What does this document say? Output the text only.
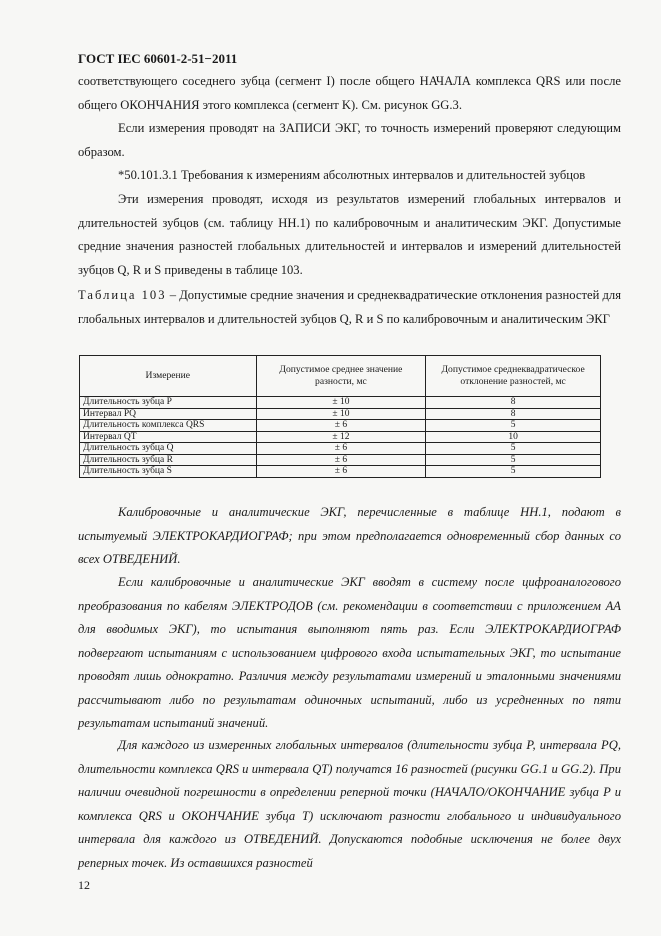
ГОСТ IEC 60601-2-51−2011

соответствующего соседнего зубца (сегмент I) после общего НАЧАЛА комплекса QRS или после общего ОКОНЧАНИЯ этого комплекса (сегмент K). См. рисунок GG.3.

Если измерения проводят на ЗАПИСИ ЭКГ, то точность измерений проверяют следующим образом.

*50.101.3.1 Требования к измерениям абсолютных интервалов и длительностей зубцов

Эти измерения проводят, исходя из результатов измерений глобальных интервалов и длительностей зубцов (см. таблицу НН.1) по калибровочным и аналитическим ЭКГ. Допустимые средние значения разностей глобальных длительностей и интервалов и измерений длительностей зубцов Q, R и S приведены в таблице 103.

Таблица 103 – Допустимые средние значения и среднеквадратические отклонения разностей для глобальных интервалов и длительностей зубцов Q, R и S по калибровочным и аналитическим ЭКГ

Измерение	Допустимое среднее значение разности, мс	Допустимое среднеквадратическое отклонение разностей, мс
Длительность зубца P	± 10	8
Интервал PQ	± 10	8
Длительность комплекса QRS	± 6	5
Интервал QT	± 12	10
Длительность зубца Q	± 6	5
Длительность зубца R	± 6	5
Длительность зубца S	± 6	5

Калибровочные и аналитические ЭКГ, перечисленные в таблице НН.1, подают в испытуемый ЭЛЕКТРОКАРДИОГРАФ; при этом предполагается одновременный сбор данных со всех ОТВЕДЕНИЙ.

Если калибровочные и аналитические ЭКГ вводят в систему после цифроаналогового преобразования по кабелям ЭЛЕКТРОДОВ (см. рекомендации в соответствии с приложением АА для вводимых ЭКГ), то испытания выполняют пять раз. Если ЭЛЕКТРОКАРДИОГРАФ подвергают испытаниям с использованием цифрового входа испытательных ЭКГ, то испытание проводят лишь однократно. Различия между результатами измерений и эталонными значениями рассчитывают либо по результатам одиночных испытаний, либо из усредненных по пяти результатам испытаний значений.

Для каждого из измеренных глобальных интервалов (длительности зубца P, интервала PQ, длительности комплекса QRS и интервала QT) получатся 16 разностей (рисунки GG.1 и GG.2). При наличии очевидной погрешности в определении реперной точки (НАЧАЛО/ОКОНЧАНИЕ зубца P и комплекса QRS и ОКОНЧАНИЕ зубца T) исключают разности глобального и индивидуального интервала для каждого из ОТВЕДЕНИЙ. Допускаются подобные исключения не более двух реперных точек. Из оставшихся разностей

12
